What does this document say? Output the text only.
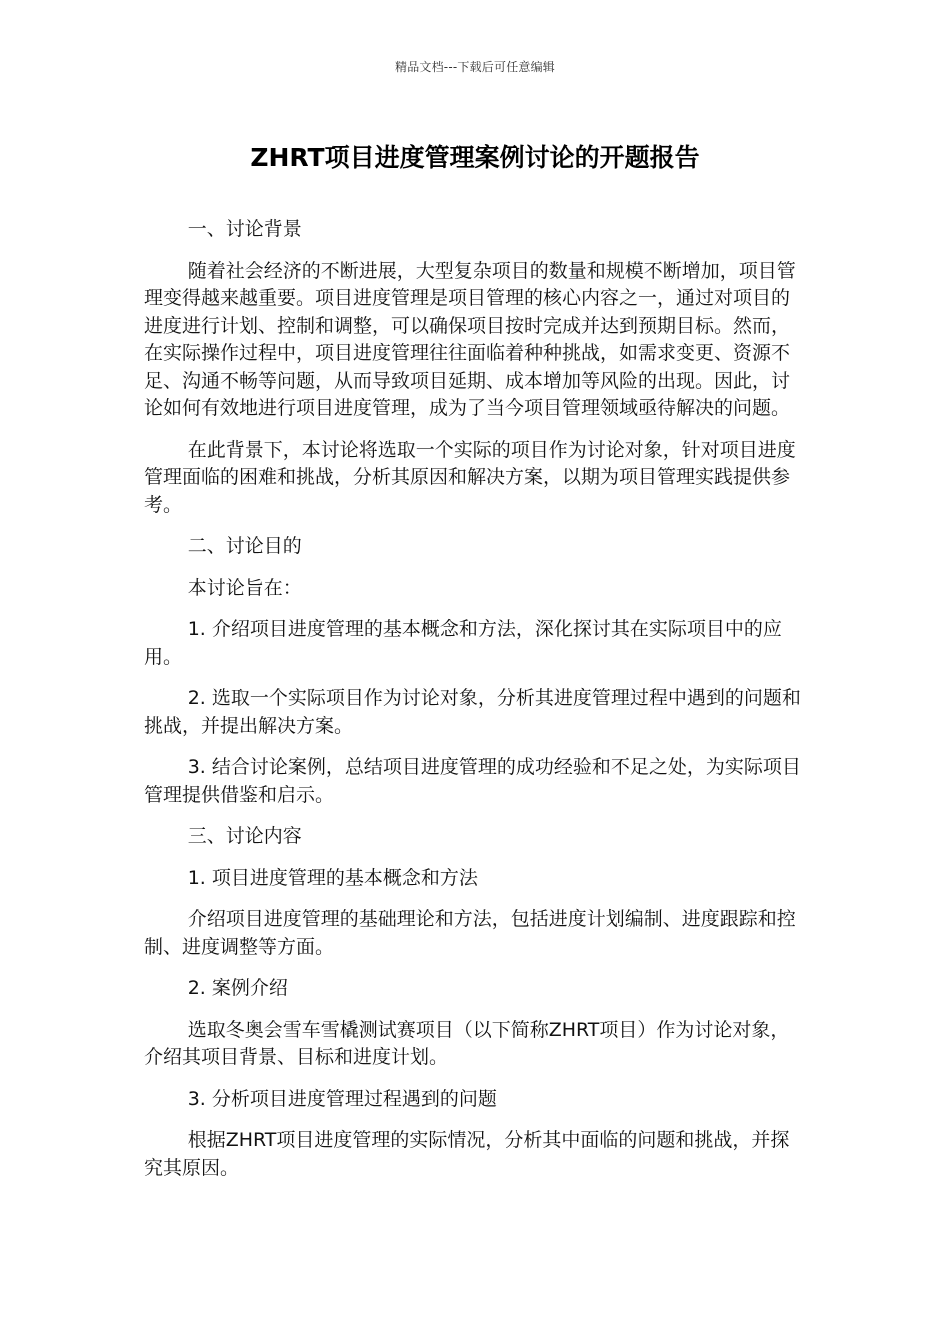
精品文档---下载后可任意编辑
ZHRT项目进度管理案例讨论的开题报告

一、讨论背景

随着社会经济的不断进展，大型复杂项目的数量和规模不断增加，项目管理变得越来越重要。项目进度管理是项目管理的核心内容之一，通过对项目的进度进行计划、控制和调整，可以确保项目按时完成并达到预期目标。然而，在实际操作过程中，项目进度管理往往面临着种种挑战，如需求变更、资源不足、沟通不畅等问题，从而导致项目延期、成本增加等风险的出现。因此，讨论如何有效地进行项目进度管理，成为了当今项目管理领域亟待解决的问题。

在此背景下，本讨论将选取一个实际的项目作为讨论对象，针对项目进度管理面临的困难和挑战，分析其原因和解决方案，以期为项目管理实践提供参考。

二、讨论目的

本讨论旨在：

1. 介绍项目进度管理的基本概念和方法，深化探讨其在实际项目中的应用。

2. 选取一个实际项目作为讨论对象，分析其进度管理过程中遇到的问题和挑战，并提出解决方案。

3. 结合讨论案例，总结项目进度管理的成功经验和不足之处，为实际项目管理提供借鉴和启示。

三、讨论内容

1. 项目进度管理的基本概念和方法

介绍项目进度管理的基础理论和方法，包括进度计划编制、进度跟踪和控制、进度调整等方面。

2. 案例介绍

选取冬奥会雪车雪橇测试赛项目（以下简称ZHRT项目）作为讨论对象，介绍其项目背景、目标和进度计划。

3. 分析项目进度管理过程遇到的问题

根据ZHRT项目进度管理的实际情况，分析其中面临的问题和挑战，并探究其原因。
